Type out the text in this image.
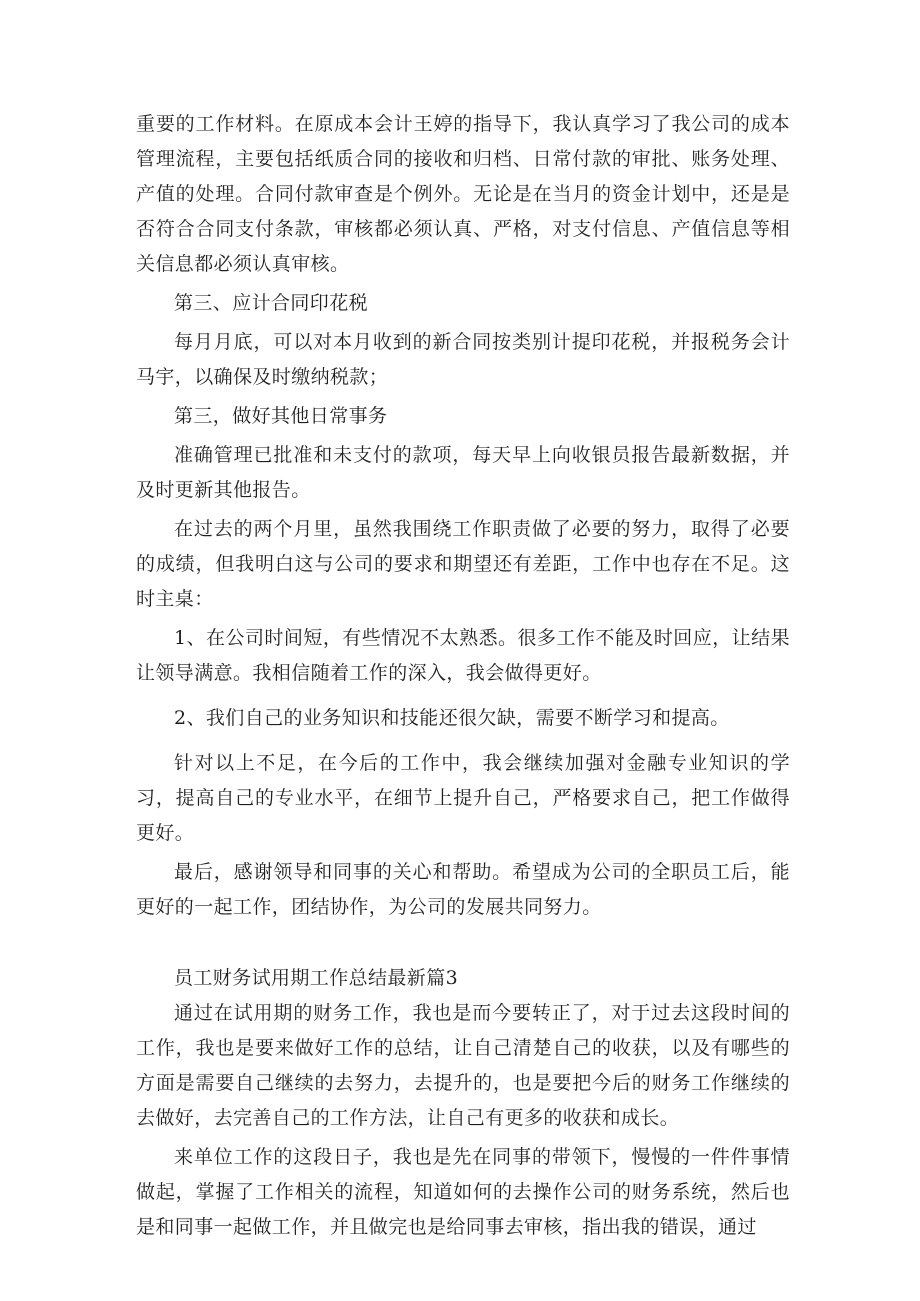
重要的工作材料。在原成本会计王婷的指导下，我认真学习了我公司的成本管理流程，主要包括纸质合同的接收和归档、日常付款的审批、账务处理、产值的处理。合同付款审查是个例外。无论是在当月的资金计划中，还是是否符合合同支付条款，审核都必须认真、严格，对支付信息、产值信息等相关信息都必须认真审核。

第三、应计合同印花税

每月月底，可以对本月收到的新合同按类别计提印花税，并报税务会计马宇，以确保及时缴纳税款；

第三，做好其他日常事务

准确管理已批准和未支付的款项，每天早上向收银员报告最新数据，并及时更新其他报告。

在过去的两个月里，虽然我围绕工作职责做了必要的努力，取得了必要的成绩，但我明白这与公司的要求和期望还有差距，工作中也存在不足。这时主桌：

1、在公司时间短，有些情况不太熟悉。很多工作不能及时回应，让结果让领导满意。我相信随着工作的深入，我会做得更好。

2、我们自己的业务知识和技能还很欠缺，需要不断学习和提高。

针对以上不足，在今后的工作中，我会继续加强对金融专业知识的学习，提高自己的专业水平，在细节上提升自己，严格要求自己，把工作做得更好。

最后，感谢领导和同事的关心和帮助。希望成为公司的全职员工后，能更好的一起工作，团结协作，为公司的发展共同努力。

员工财务试用期工作总结最新篇3

通过在试用期的财务工作，我也是而今要转正了，对于过去这段时间的工作，我也是要来做好工作的总结，让自己清楚自己的收获，以及有哪些的方面是需要自己继续的去努力，去提升的，也是要把今后的财务工作继续的去做好，去完善自己的工作方法，让自己有更多的收获和成长。

来单位工作的这段日子，我也是先在同事的带领下，慢慢的一件件事情做起，掌握了工作相关的流程，知道如何的去操作公司的财务系统，然后也是和同事一起做工作，并且做完也是给同事去审核，指出我的错误，通过
